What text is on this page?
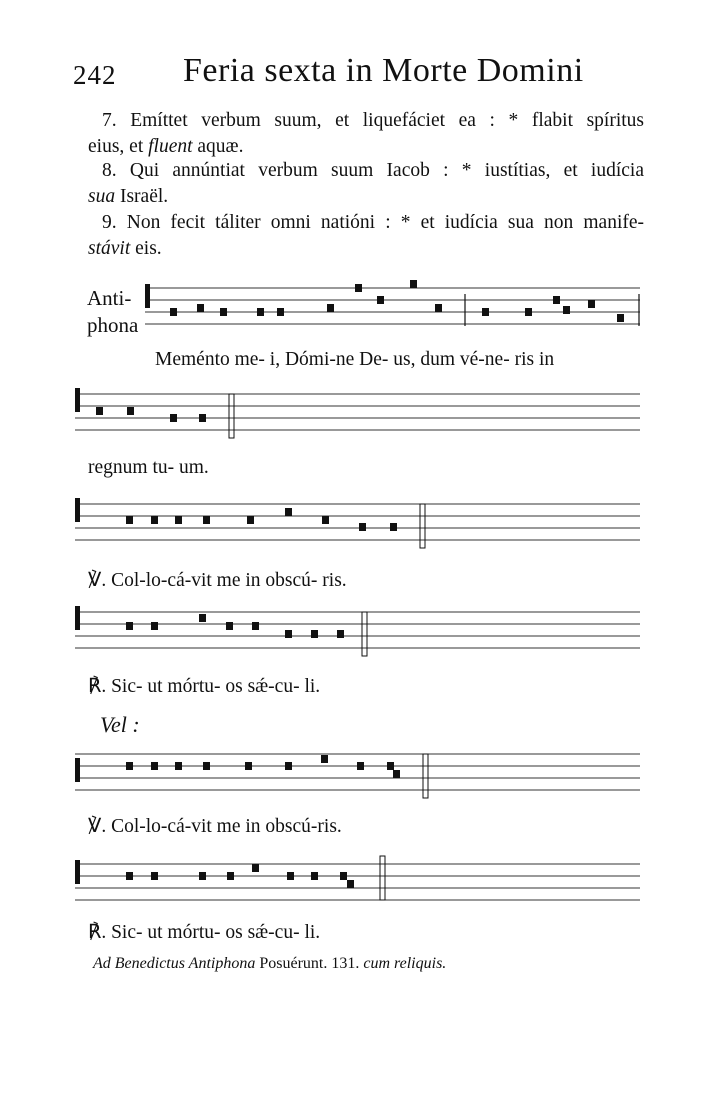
242 Feria sexta in Morte Domini
7. Emíttet verbum suum, et liquefáciet ea : * flabit spíritus
eius, et fluent aquæ.
8. Qui annúntiat verbum suum Iacob : * iustítias, et iudícia
sua Israël.
9. Non fecit táliter omni natióni : * et iudícia sua non manife-
stávit eis.
Anti-
phona
Meménto me- i, Dómi-ne De- us, dum vé-ne- ris in
regnum tu- um.
℣. Col-lo-cá-vit me in obscú- ris.
℟. Sic- ut mórtu- os sǽ-cu- li.
Vel :
℣. Col-lo-cá-vit me in obscú-ris.
℟. Sic- ut mórtu- os sǽ-cu- li.
Ad Benedictus Antiphona Posuérunt. 131. cum reliquis.
